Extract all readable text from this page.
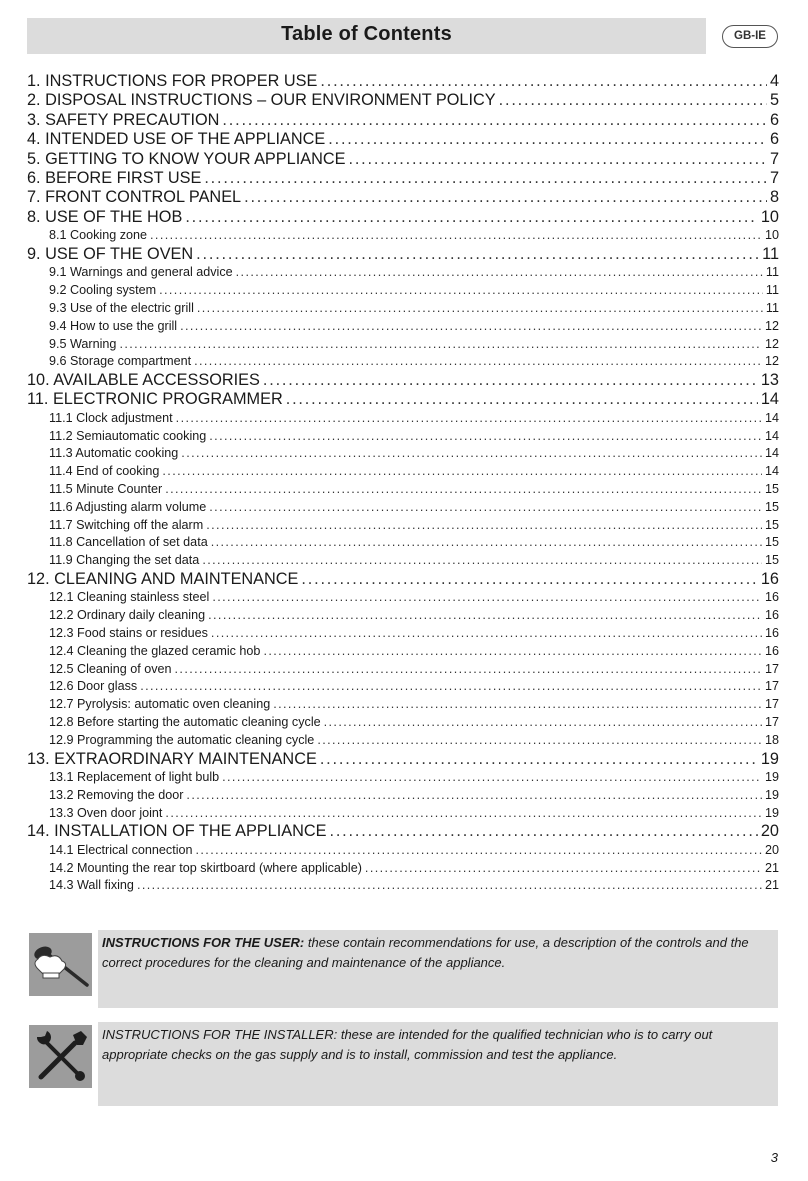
Table of Contents	GB-IE
1. INSTRUCTIONS FOR PROPER USE . . .	4
2. DISPOSAL INSTRUCTIONS – OUR ENVIRONMENT POLICY . . .	5
3. SAFETY PRECAUTION . . .	6
4. INTENDED USE OF THE APPLIANCE . . .	6
5. GETTING TO KNOW YOUR APPLIANCE . . .	7
6. BEFORE FIRST USE . . .	7
7. FRONT CONTROL PANEL . . .	8
8. USE OF THE HOB . . .	10
8.1 Cooking zone . . .	10
9. USE OF THE OVEN . . .	11
9.1 Warnings and general advice . . .	11
9.2 Cooling system . . .	11
9.3 Use of the electric grill . . .	11
9.4 How to use the grill . . .	12
9.5 Warning . . .	12
9.6 Storage compartment . . .	12
10. AVAILABLE ACCESSORIES . . .	13
11. ELECTRONIC PROGRAMMER . . .	14
11.1 Clock adjustment . . .	14
11.2 Semiautomatic cooking . . .	14
11.3 Automatic cooking . . .	14
11.4 End of cooking . . .	14
11.5 Minute Counter . . .	15
11.6 Adjusting alarm volume . . .	15
11.7 Switching off the alarm . . .	15
11.8 Cancellation of set data . . .	15
11.9 Changing the set data . . .	15
12. CLEANING AND MAINTENANCE . . .	16
12.1 Cleaning stainless steel . . .	16
12.2 Ordinary daily cleaning . . .	16
12.3 Food stains or residues . . .	16
12.4 Cleaning the glazed ceramic hob . . .	16
12.5 Cleaning of oven . . .	17
12.6 Door glass . . .	17
12.7 Pyrolysis: automatic oven cleaning . . .	17
12.8 Before starting the automatic cleaning cycle . . .	17
12.9 Programming the automatic cleaning cycle . . .	18
13. EXTRAORDINARY MAINTENANCE . . .	19
13.1 Replacement of light bulb . . .	19
13.2 Removing the door . . .	19
13.3 Oven door joint . . .	19
14. INSTALLATION OF THE APPLIANCE . . .	20
14.1 Electrical connection . . .	20
14.2 Mounting the rear top skirtboard (where applicable) . . .	21
14.3 Wall fixing . . .	21
INSTRUCTIONS FOR THE USER: these contain recommendations for use, a description of the controls and the correct procedures for the cleaning and maintenance of the appliance.
INSTRUCTIONS FOR THE INSTALLER: these are intended for the qualified technician who is to carry out appropriate checks on the gas supply and is to install, commission and test the appliance.
3
